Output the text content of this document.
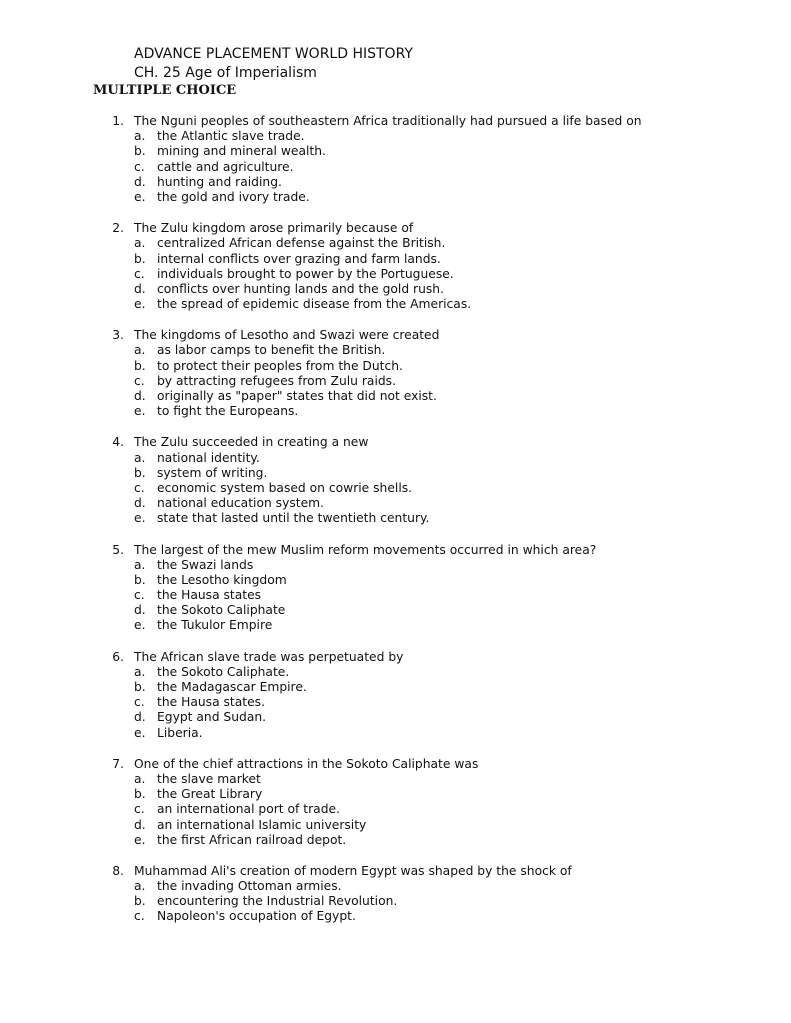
ADVANCE PLACEMENT WORLD HISTORY
CH. 25 Age of Imperialism
MULTIPLE CHOICE
1. The Nguni peoples of southeastern Africa traditionally had pursued a life based on
a. the Atlantic slave trade.
b. mining and mineral wealth.
c. cattle and agriculture.
d. hunting and raiding.
e. the gold and ivory trade.
2. The Zulu kingdom arose primarily because of
a. centralized African defense against the British.
b. internal conflicts over grazing and farm lands.
c. individuals brought to power by the Portuguese.
d. conflicts over hunting lands and the gold rush.
e. the spread of epidemic disease from the Americas.
3. The kingdoms of Lesotho and Swazi were created
a. as labor camps to benefit the British.
b. to protect their peoples from the Dutch.
c. by attracting refugees from Zulu raids.
d. originally as "paper" states that did not exist.
e. to fight the Europeans.
4. The Zulu succeeded in creating a new
a. national identity.
b. system of writing.
c. economic system based on cowrie shells.
d. national education system.
e. state that lasted until the twentieth century.
5. The largest of the mew Muslim reform movements occurred in which area?
a. the Swazi lands
b. the Lesotho kingdom
c. the Hausa states
d. the Sokoto Caliphate
e. the Tukulor Empire
6. The African slave trade was perpetuated by
a. the Sokoto Caliphate.
b. the Madagascar Empire.
c. the Hausa states.
d. Egypt and Sudan.
e. Liberia.
7. One of the chief attractions in the Sokoto Caliphate was
a. the slave market
b. the Great Library
c. an international port of trade.
d. an international Islamic university
e. the first African railroad depot.
8. Muhammad Ali's creation of modern Egypt was shaped by the shock of
a. the invading Ottoman armies.
b. encountering the Industrial Revolution.
c. Napoleon's occupation of Egypt.
